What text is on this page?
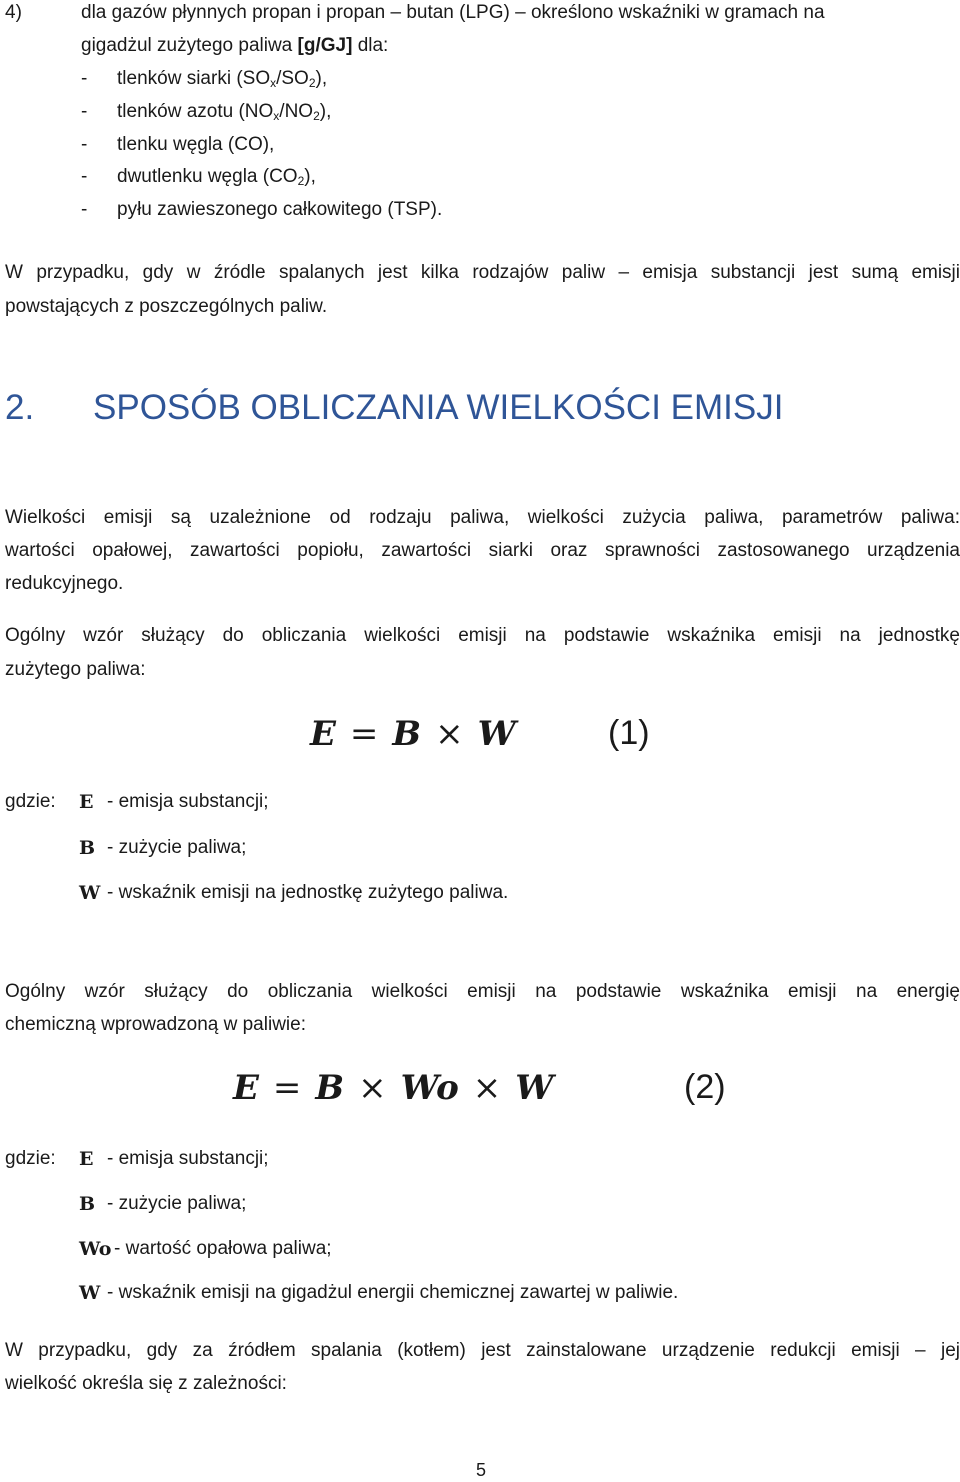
4)	dla gazów płynnych propan i propan – butan (LPG) – określono wskaźniki w gramach na
gigadżul zużytego paliwa [g/GJ] dla:
- tlenków siarki $(SO_x/SO_2)$,
- tlenków azotu $(NO_x/NO_2)$,
- tlenku węgla (CO),
- dwutlenku węgla $(CO_2)$,
- pyłu zawieszonego całkowitego (TSP).
W przypadku, gdy w źródle spalanych jest kilka rodzajów paliw – emisja substancji jest sumą emisji
powstających z poszczególnych paliw.
2. SPOSÓB OBLICZANIA WIELKOŚCI EMISJI
Wielkości emisji są uzależnione od rodzaju paliwa, wielkości zużycia paliwa, parametrów paliwa:
wartości opałowej, zawartości popiołu, zawartości siarki oraz sprawności zastosowanego urządzenia
redukcyjnego.
Ogólny wzór służący do obliczania wielkości emisji na podstawie wskaźnika emisji na jednostkę
zużytego paliwa:
E = B × W	(1)
gdzie: E - emisja substancji;
B - zużycie paliwa;
W - wskaźnik emisji na jednostkę zużytego paliwa.
Ogólny wzór służący do obliczania wielkości emisji na podstawie wskaźnika emisji na energię
chemiczną wprowadzoną w paliwie:
E = B × Wo × W	(2)
gdzie: E - emisja substancji;
B - zużycie paliwa;
Wo - wartość opałowa paliwa;
W - wskaźnik emisji na gigadżul energii chemicznej zawartej w paliwie.
W przypadku, gdy za źródłem spalania (kotłem) jest zainstalowane urządzenie redukcji emisji – jej
wielkość określa się z zależności:
5
